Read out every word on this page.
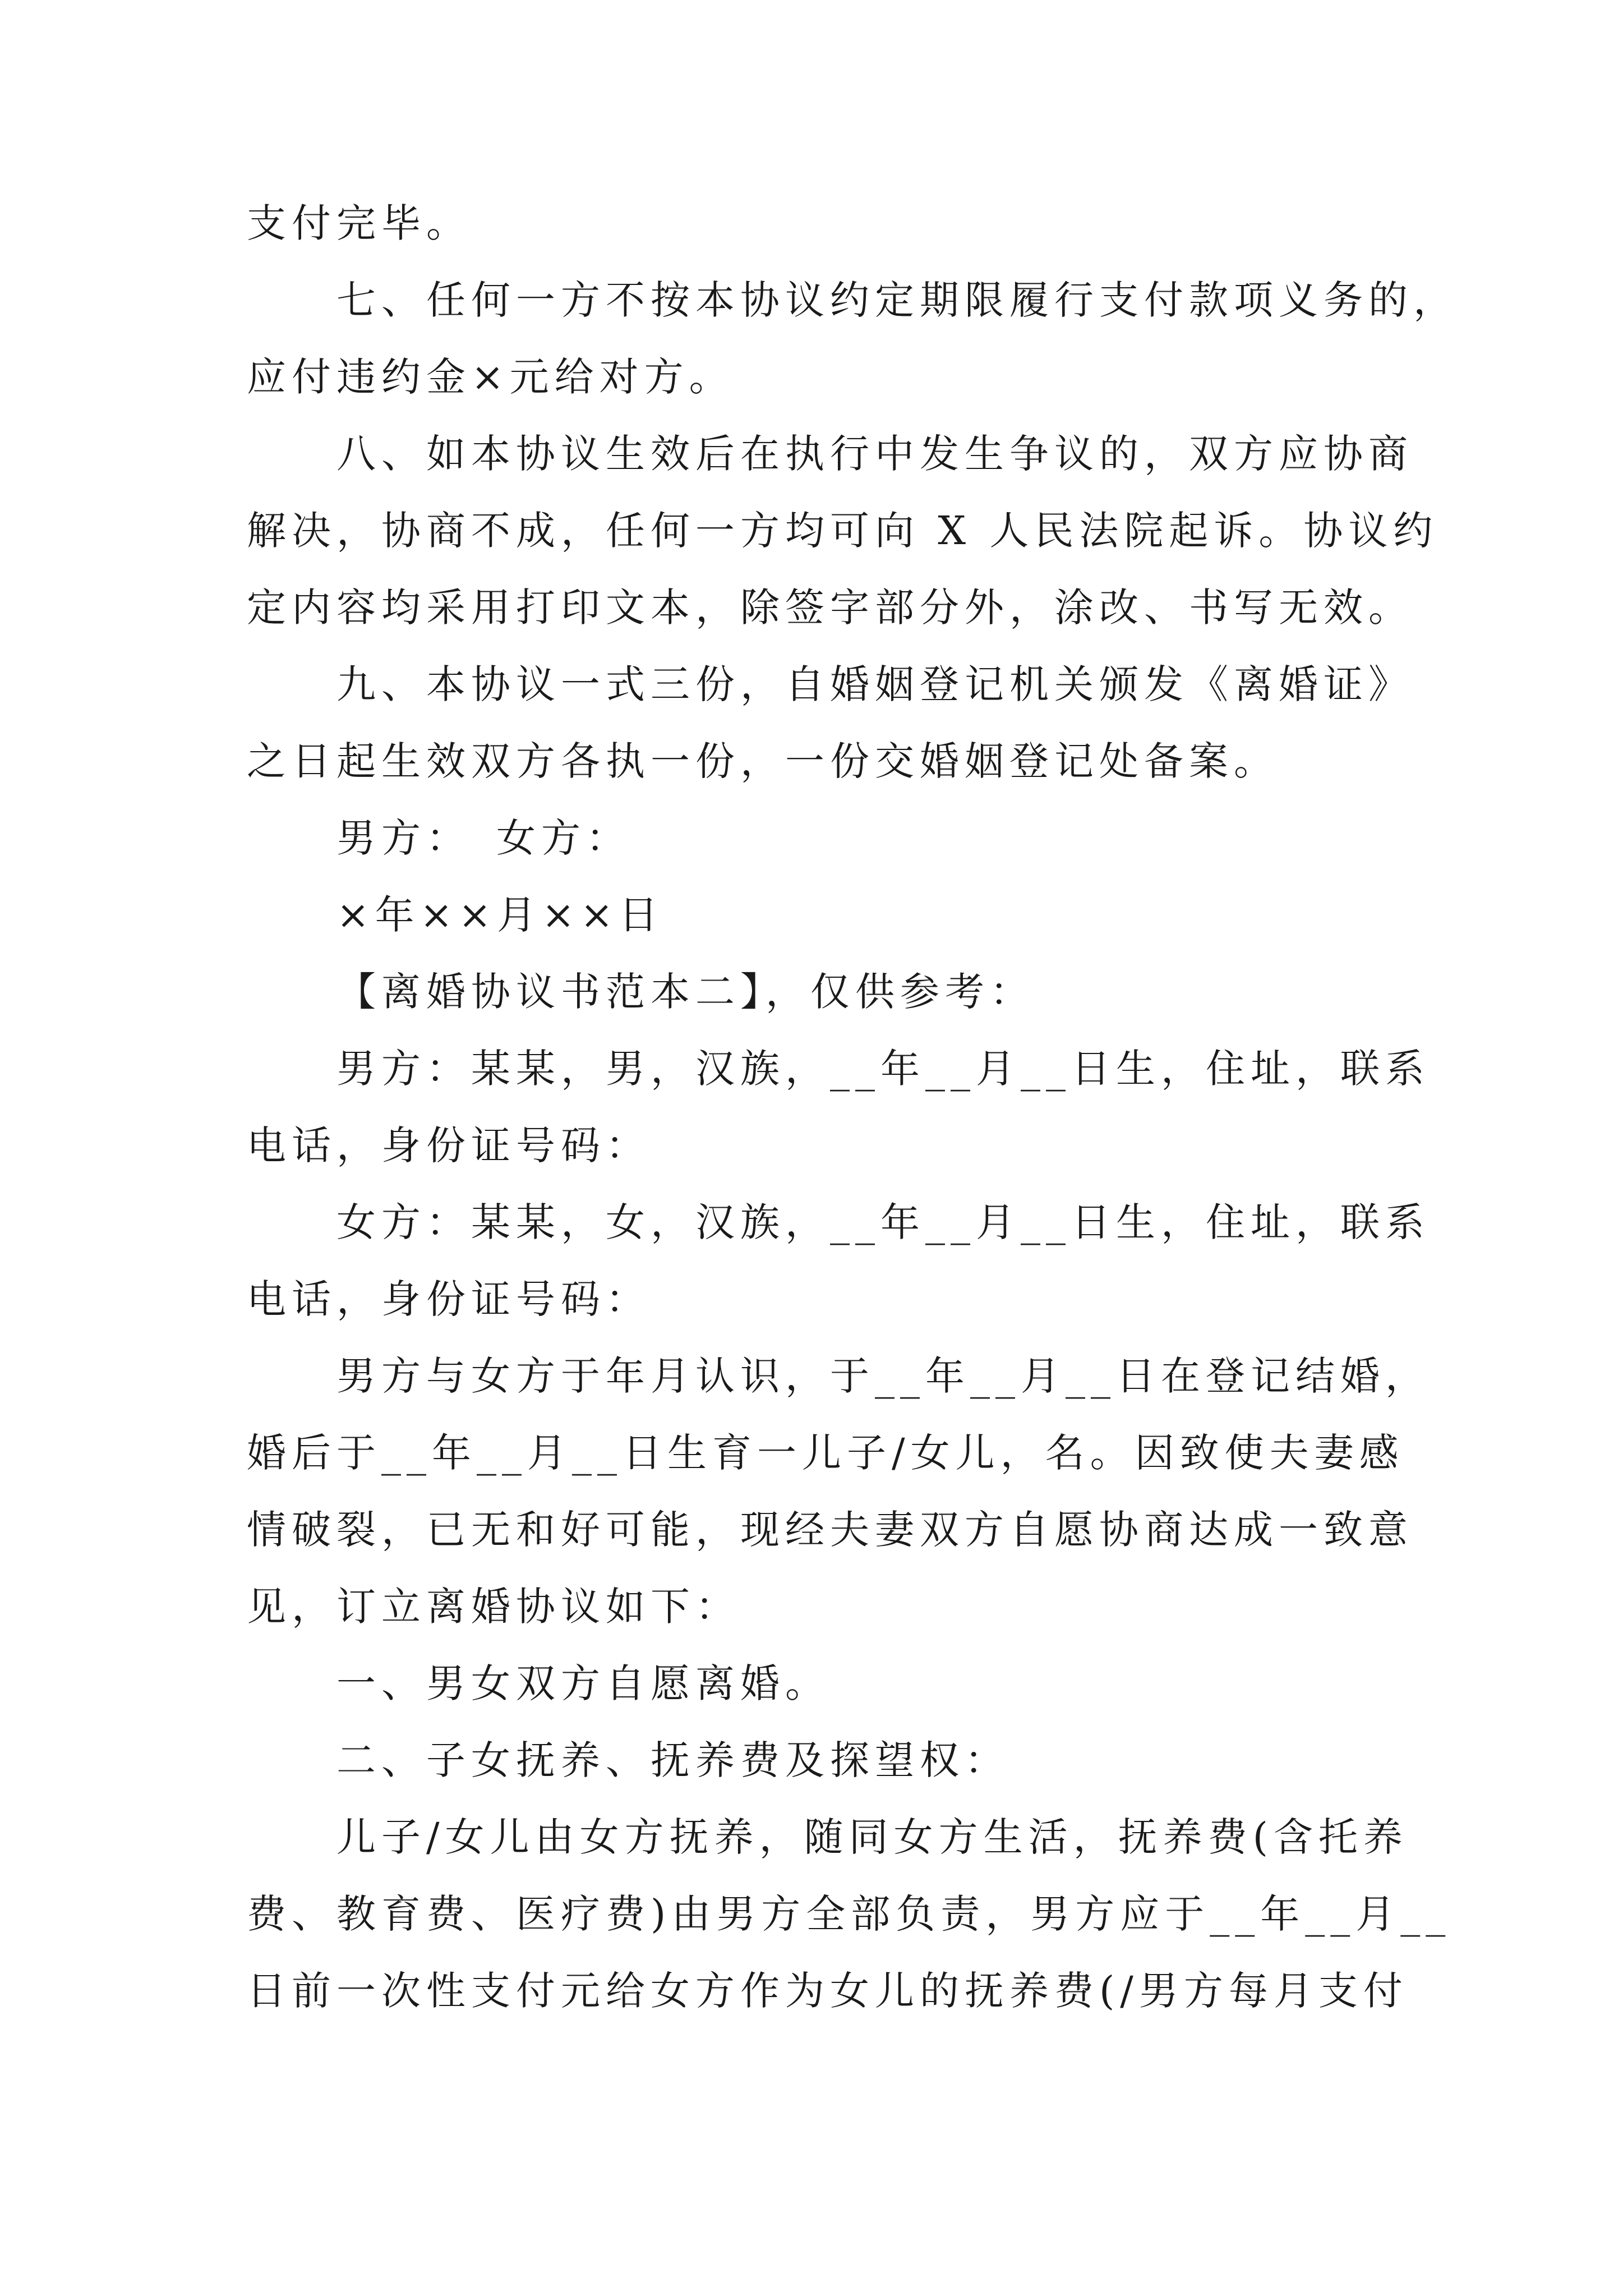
支付完毕。
七、任何一方不按本协议约定期限履行支付款项义务的，
应付违约金×元给对方。
八、如本协议生效后在执行中发生争议的，双方应协商
解决，协商不成，任何一方均可向 X 人民法院起诉。协议约
定内容均采用打印文本，除签字部分外，涂改、书写无效。
九、本协议一式三份，自婚姻登记机关颁发《离婚证》
之日起生效双方各执一份，一份交婚姻登记处备案。
男方：　女方：
×年××月××日
【离婚协议书范本二】，仅供参考：
男方：某某，男，汉族，__年__月__日生，住址，联系
电话，身份证号码：
女方：某某，女，汉族，__年__月__日生，住址，联系
电话，身份证号码：
男方与女方于年月认识，于__年__月__日在登记结婚，
婚后于__年__月__日生育一儿子/女儿，名。因致使夫妻感
情破裂，已无和好可能，现经夫妻双方自愿协商达成一致意
见，订立离婚协议如下：
一、男女双方自愿离婚。
二、子女抚养、抚养费及探望权：
儿子/女儿由女方抚养，随同女方生活，抚养费(含托养
费、教育费、医疗费)由男方全部负责，男方应于__年__月__
日前一次性支付元给女方作为女儿的抚养费(/男方每月支付
